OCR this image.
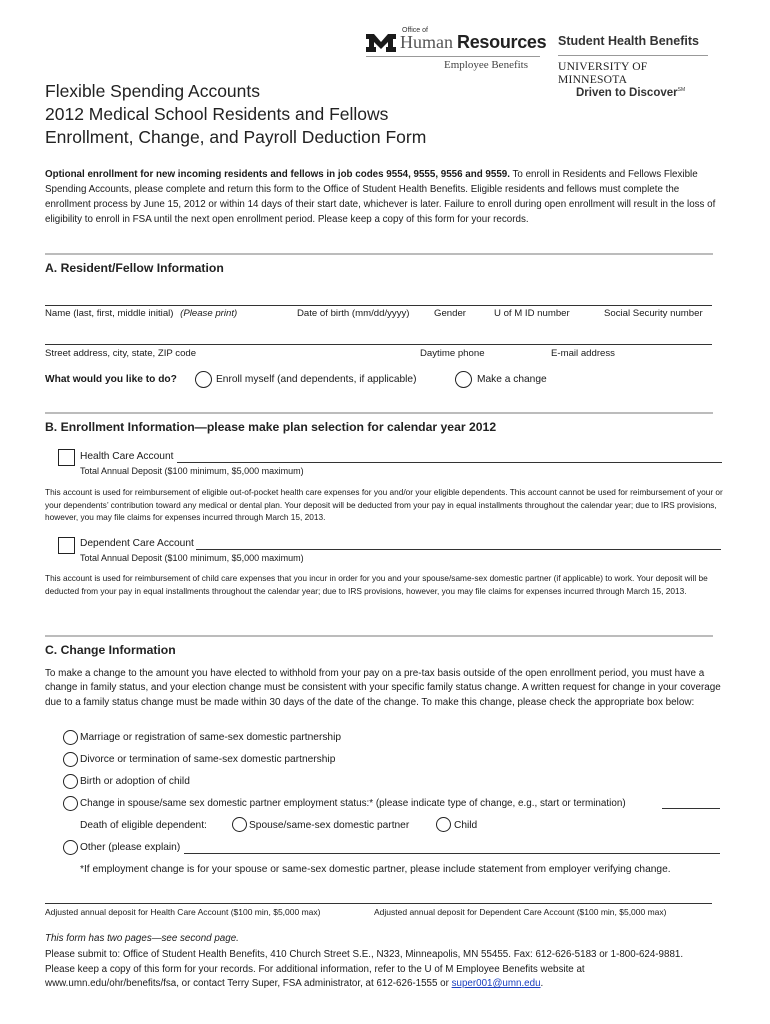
Office of
Human Resources
Employee Benefits
Student Health Benefits
UNIVERSITY OF MINNESOTA
Driven to Discover℠
Flexible Spending Accounts
2012 Medical School Residents and Fellows
Enrollment, Change, and Payroll Deduction Form
Optional enrollment for new incoming residents and fellows in job codes 9554, 9555, 9556 and 9559. To enroll in Residents and Fellows Flexible Spending Accounts, please complete and return this form to the Office of Student Health Benefits. Eligible residents and fellows must complete the enrollment process by June 15, 2012 or within 14 days of their start date, whichever is later. Failure to enroll during open enrollment will result in the loss of eligibility to enroll in FSA until the next open enrollment period. Please keep a copy of this form for your records.
A. Resident/Fellow Information
Name (last, first, middle initial) (Please print)	Date of birth (mm/dd/yyyy)	Gender	U of M ID number	Social Security number
Street address, city, state, ZIP code	Daytime phone	E-mail address
What would you like to do?	Enroll myself (and dependents, if applicable)	Make a change
B. Enrollment Information—please make plan selection for calendar year 2012
Health Care Account
Total Annual Deposit ($100 minimum, $5,000 maximum)
This account is used for reimbursement of eligible out-of-pocket health care expenses for you and/or your eligible dependents. This account cannot be used for reimbursement of your or your dependents’ contribution toward any medical or dental plan. Your deposit will be deducted from your pay in equal installments throughout the calendar year; due to IRS provisions, however, you may file claims for expenses incurred through March 15, 2013.
Dependent Care Account
Total Annual Deposit ($100 minimum, $5,000 maximum)
This account is used for reimbursement of child care expenses that you incur in order for you and your spouse/same-sex domestic partner (if applicable) to work. Your deposit will be deducted from your pay in equal installments throughout the calendar year; due to IRS provisions, however, you may file claims for expenses incurred through March 15, 2013.
C. Change Information
To make a change to the amount you have elected to withhold from your pay on a pre-tax basis outside of the open enrollment period, you must have a change in family status, and your election change must be consistent with your specific family status change. A written request for change in your coverage due to a family status change must be made within 30 days of the date of the change. To make this change, please check the appropriate box below:
Marriage or registration of same-sex domestic partnership
Divorce or termination of same-sex domestic partnership
Birth or adoption of child
Change in spouse/same sex domestic partner employment status:* (please indicate type of change, e.g., start or termination)
Death of eligible dependent:	Spouse/same-sex domestic partner	Child
Other (please explain)
*If employment change is for your spouse or same-sex domestic partner, please include statement from employer verifying change.
Adjusted annual deposit for Health Care Account ($100 min, $5,000 max)	Adjusted annual deposit for Dependent Care Account ($100 min, $5,000 max)
This form has two pages—see second page.
Please submit to: Office of Student Health Benefits, 410 Church Street S.E., N323, Minneapolis, MN 55455. Fax: 612-626-5183 or 1-800-624-9881.
Please keep a copy of this form for your records. For additional information, refer to the U of M Employee Benefits website at
www.umn.edu/ohr/benefits/fsa, or contact Terry Super, FSA administrator, at 612-626-1555 or super001@umn.edu.
